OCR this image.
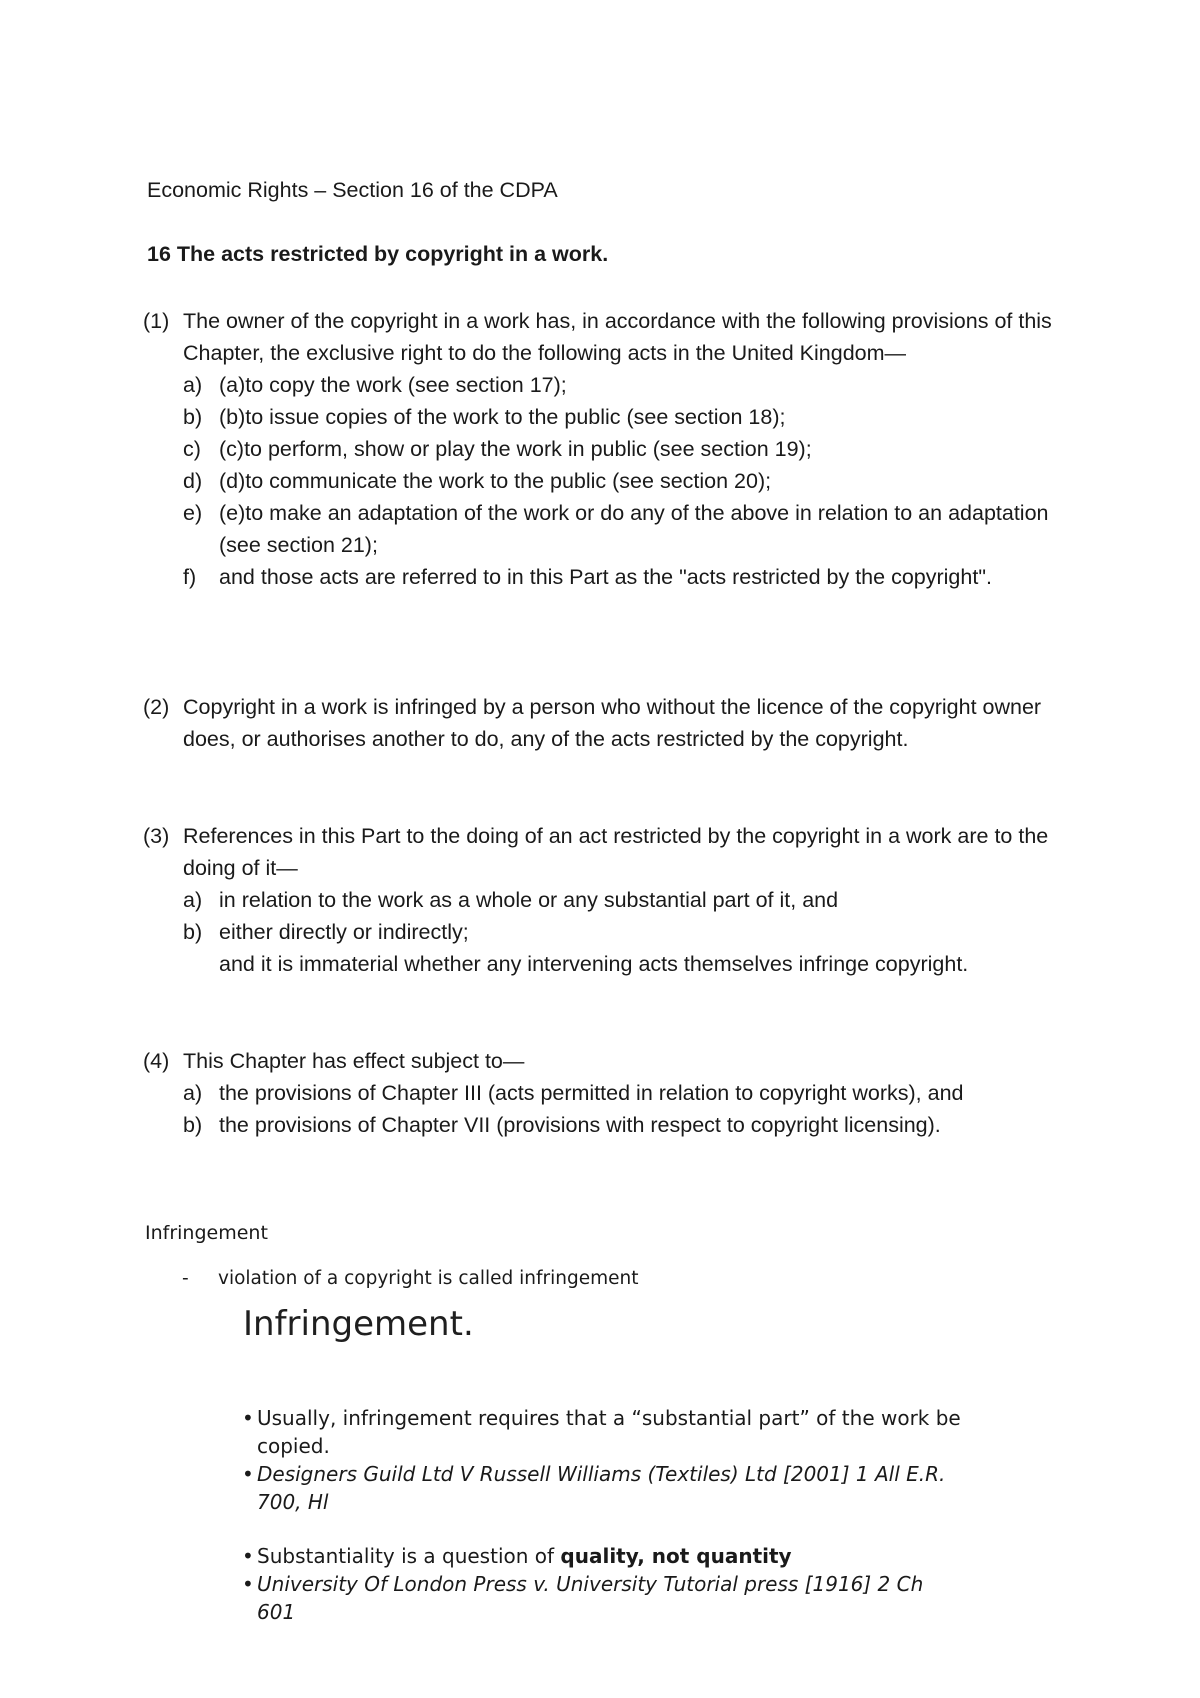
Economic Rights – Section 16 of the CDPA
16 The acts restricted by copyright in a work.
(1) The owner of the copyright in a work has, in accordance with the following provisions of this Chapter, the exclusive right to do the following acts in the United Kingdom—
a) (a)to copy the work (see section 17);
b) (b)to issue copies of the work to the public (see section 18);
c) (c)to perform, show or play the work in public (see section 19);
d) (d)to communicate the work to the public (see section 20);
e) (e)to make an adaptation of the work or do any of the above in relation to an adaptation (see section 21);
f) and those acts are referred to in this Part as the "acts restricted by the copyright".
(2) Copyright in a work is infringed by a person who without the licence of the copyright owner does, or authorises another to do, any of the acts restricted by the copyright.
(3) References in this Part to the doing of an act restricted by the copyright in a work are to the doing of it—
a) in relation to the work as a whole or any substantial part of it, and
b) either directly or indirectly;
and it is immaterial whether any intervening acts themselves infringe copyright.
(4) This Chapter has effect subject to—
a) the provisions of Chapter III (acts permitted in relation to copyright works), and
b) the provisions of Chapter VII (provisions with respect to copyright licensing).
Infringement
- violation of a copyright is called infringement
Infringement.
• Usually, infringement requires that a “substantial part” of the work be copied.
• Designers Guild Ltd V Russell Williams (Textiles) Ltd [2001] 1 All E.R. 700, Hl
• Substantiality is a question of quality, not quantity
• University Of London Press v. University Tutorial press [1916] 2 Ch 601
